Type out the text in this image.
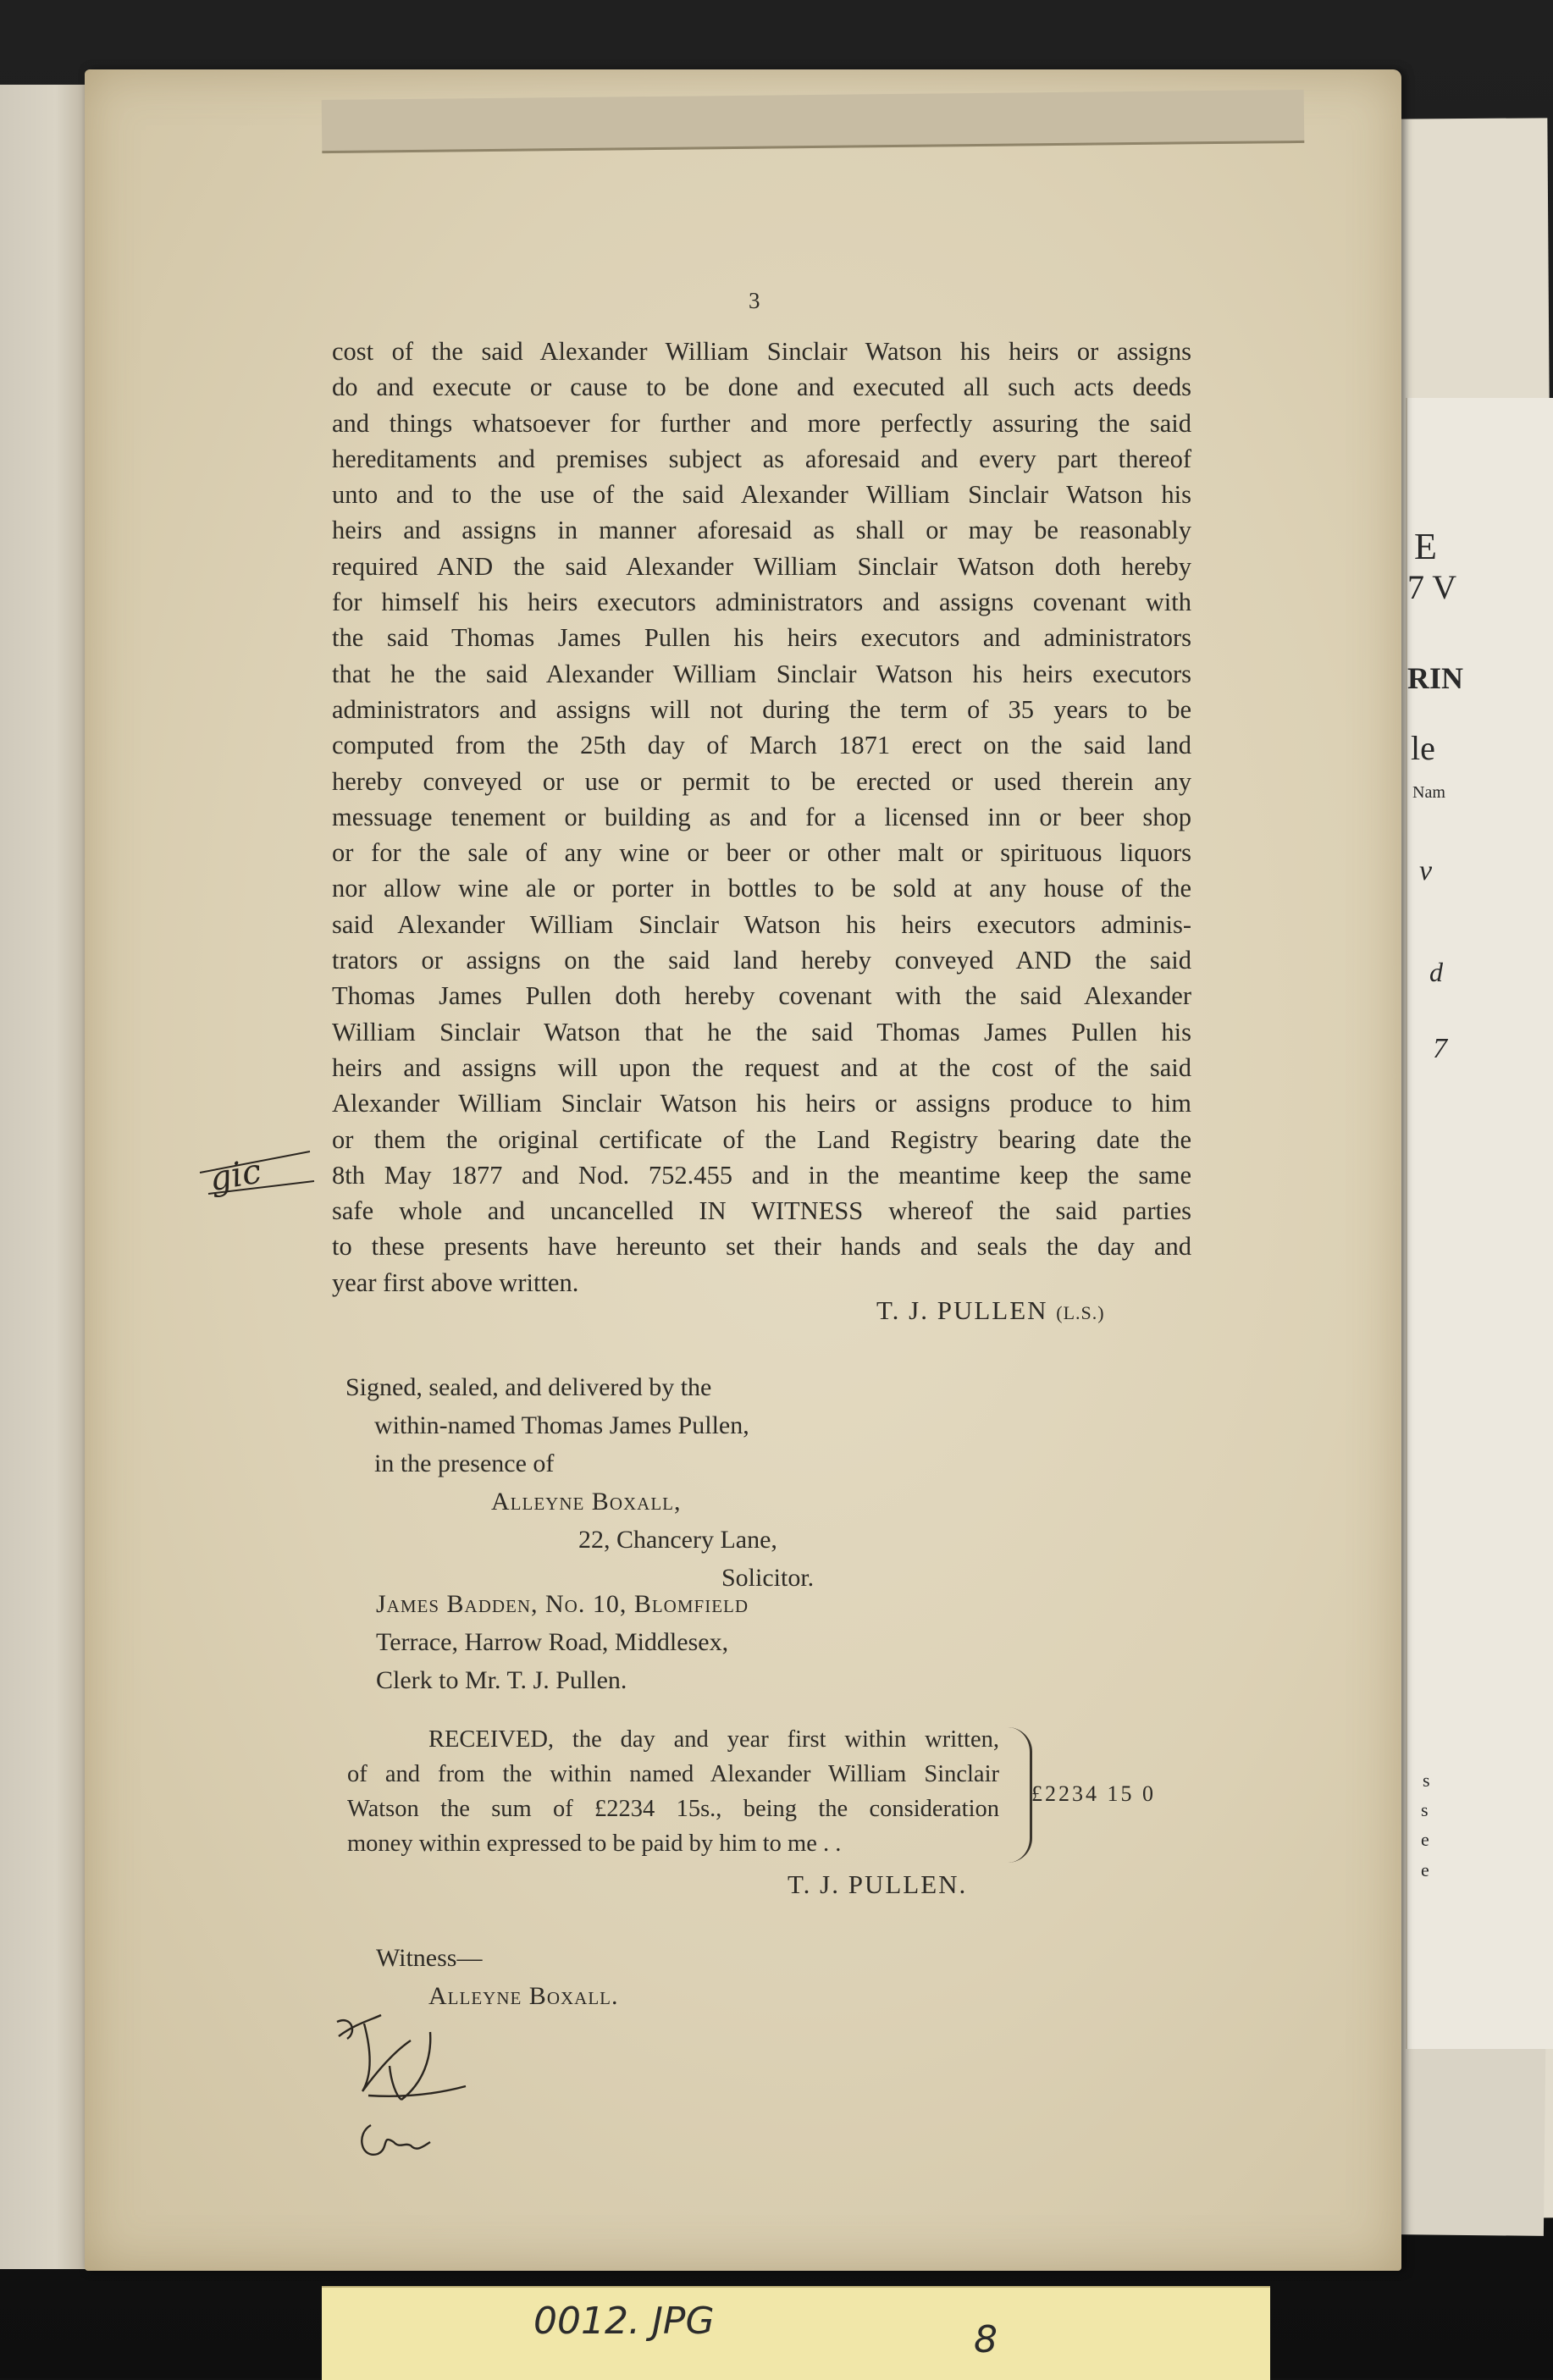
E
7 V
RIN
le
Nam
v
d
7
s
s
e
e
3
cost of the said Alexander William Sinclair Watson his heirs or assigns
do and execute or cause to be done and executed all such acts deeds
and things whatsoever for further and more perfectly assuring the said
hereditaments and premises subject as aforesaid and every part thereof
unto and to the use of the said Alexander William Sinclair Watson his
heirs and assigns in manner aforesaid as shall or may be reasonably
required AND the said Alexander William Sinclair Watson doth hereby
for himself his heirs executors administrators and assigns covenant with
the said Thomas James Pullen his heirs executors and administrators
that he the said Alexander William Sinclair Watson his heirs executors
administrators and assigns will not during the term of 35 years to be
computed from the 25th day of March 1871 erect on the said land
hereby conveyed or use or permit to be erected or used therein any
messuage tenement or building as and for a licensed inn or beer shop
or for the sale of any wine or beer or other malt or spirituous liquors
nor allow wine ale or porter in bottles to be sold at any house of the
said Alexander William Sinclair Watson his heirs executors adminis-
trators or assigns on the said land hereby conveyed AND the said
Thomas James Pullen doth hereby covenant with the said Alexander
William Sinclair Watson that he the said Thomas James Pullen his
heirs and assigns will upon the request and at the cost of the said
Alexander William Sinclair Watson his heirs or assigns produce to him
or them the original certificate of the Land Registry bearing date the
8th May 1877 and Nod. 752.455 and in the meantime keep the same
safe whole and uncancelled IN WITNESS whereof the said parties
to these presents have hereunto set their hands and seals the day and
year first above written.
T. J. PULLEN (L.S.)
Signed, sealed, and delivered by the
within-named Thomas James Pullen,
in the presence of
Alleyne Boxall,
22, Chancery Lane,
Solicitor.
James Badden, No. 10, Blomfield
Terrace, Harrow Road, Middlesex,
Clerk to Mr. T. J. Pullen.
RECEIVED, the day and year first within written,
of and from the within named Alexander William Sinclair
Watson the sum of £2234 15s., being the consideration
money within expressed to be paid by him to me . .
£2234 15 0
T. J. PULLEN.
Witness—
Alleyne Boxall.
gic
0012. JPG	8
